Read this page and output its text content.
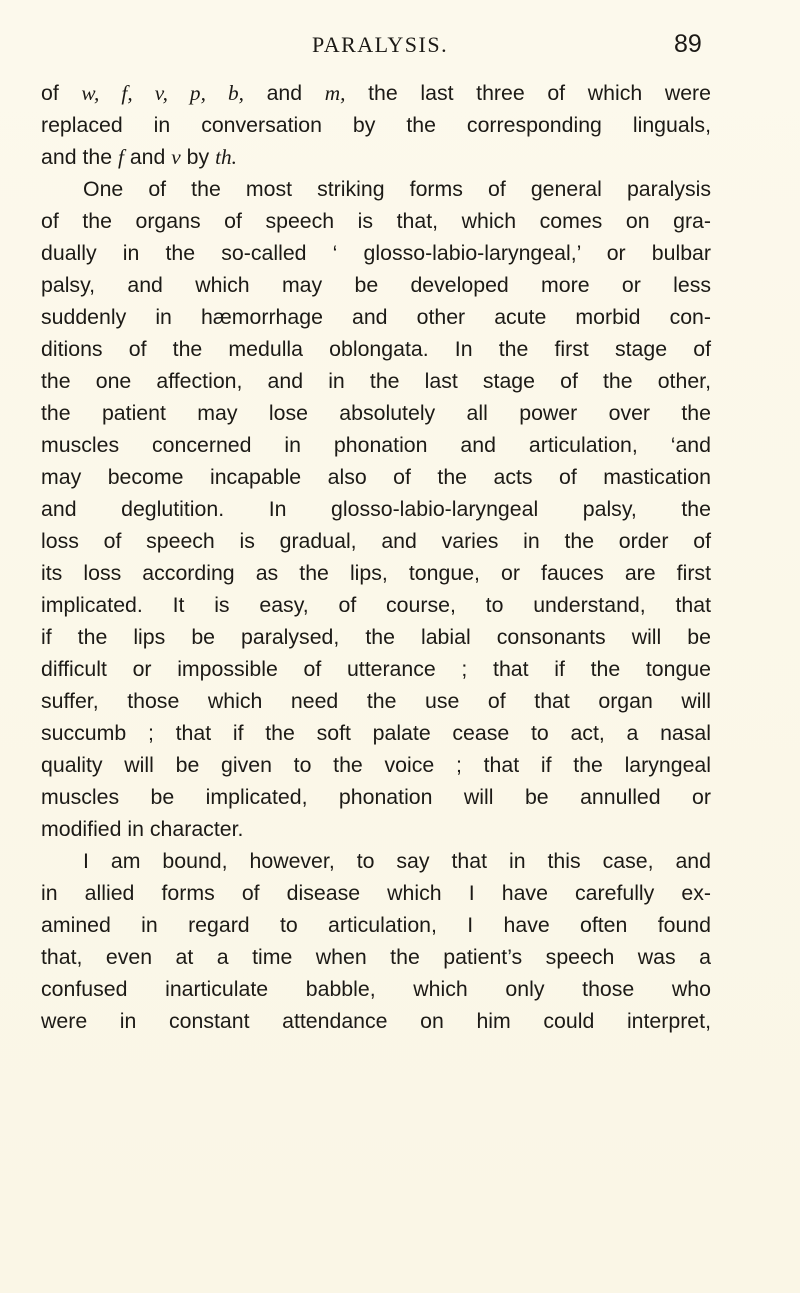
PARALYSIS.	89
of w, f, v, p, b, and m, the last three of which were
replaced in conversation by the corresponding linguals,
and the f and v by th.
One of the most striking forms of general paralysis
of the organs of speech is that, which comes on gra-
dually in the so-called ‘ glosso-labio-laryngeal,’ or bulbar
palsy, and which may be developed more or less
suddenly in hæmorrhage and other acute morbid con-
ditions of the medulla oblongata. In the first stage of
the one affection, and in the last stage of the other,
the patient may lose absolutely all power over the
muscles concerned in phonation and articulation, ‘and
may become incapable also of the acts of mastication
and deglutition. In glosso-labio-laryngeal palsy, the
loss of speech is gradual, and varies in the order of
its loss according as the lips, tongue, or fauces are first
implicated. It is easy, of course, to understand, that
if the lips be paralysed, the labial consonants will be
difficult or impossible of utterance ; that if the tongue
suffer, those which need the use of that organ will
succumb ; that if the soft palate cease to act, a nasal
quality will be given to the voice ; that if the laryngeal
muscles be implicated, phonation will be annulled or
modified in character.
I am bound, however, to say that in this case, and
in allied forms of disease which I have carefully ex-
amined in regard to articulation, I have often found
that, even at a time when the patient’s speech was a
confused inarticulate babble, which only those who
were in constant attendance on him could interpret,
